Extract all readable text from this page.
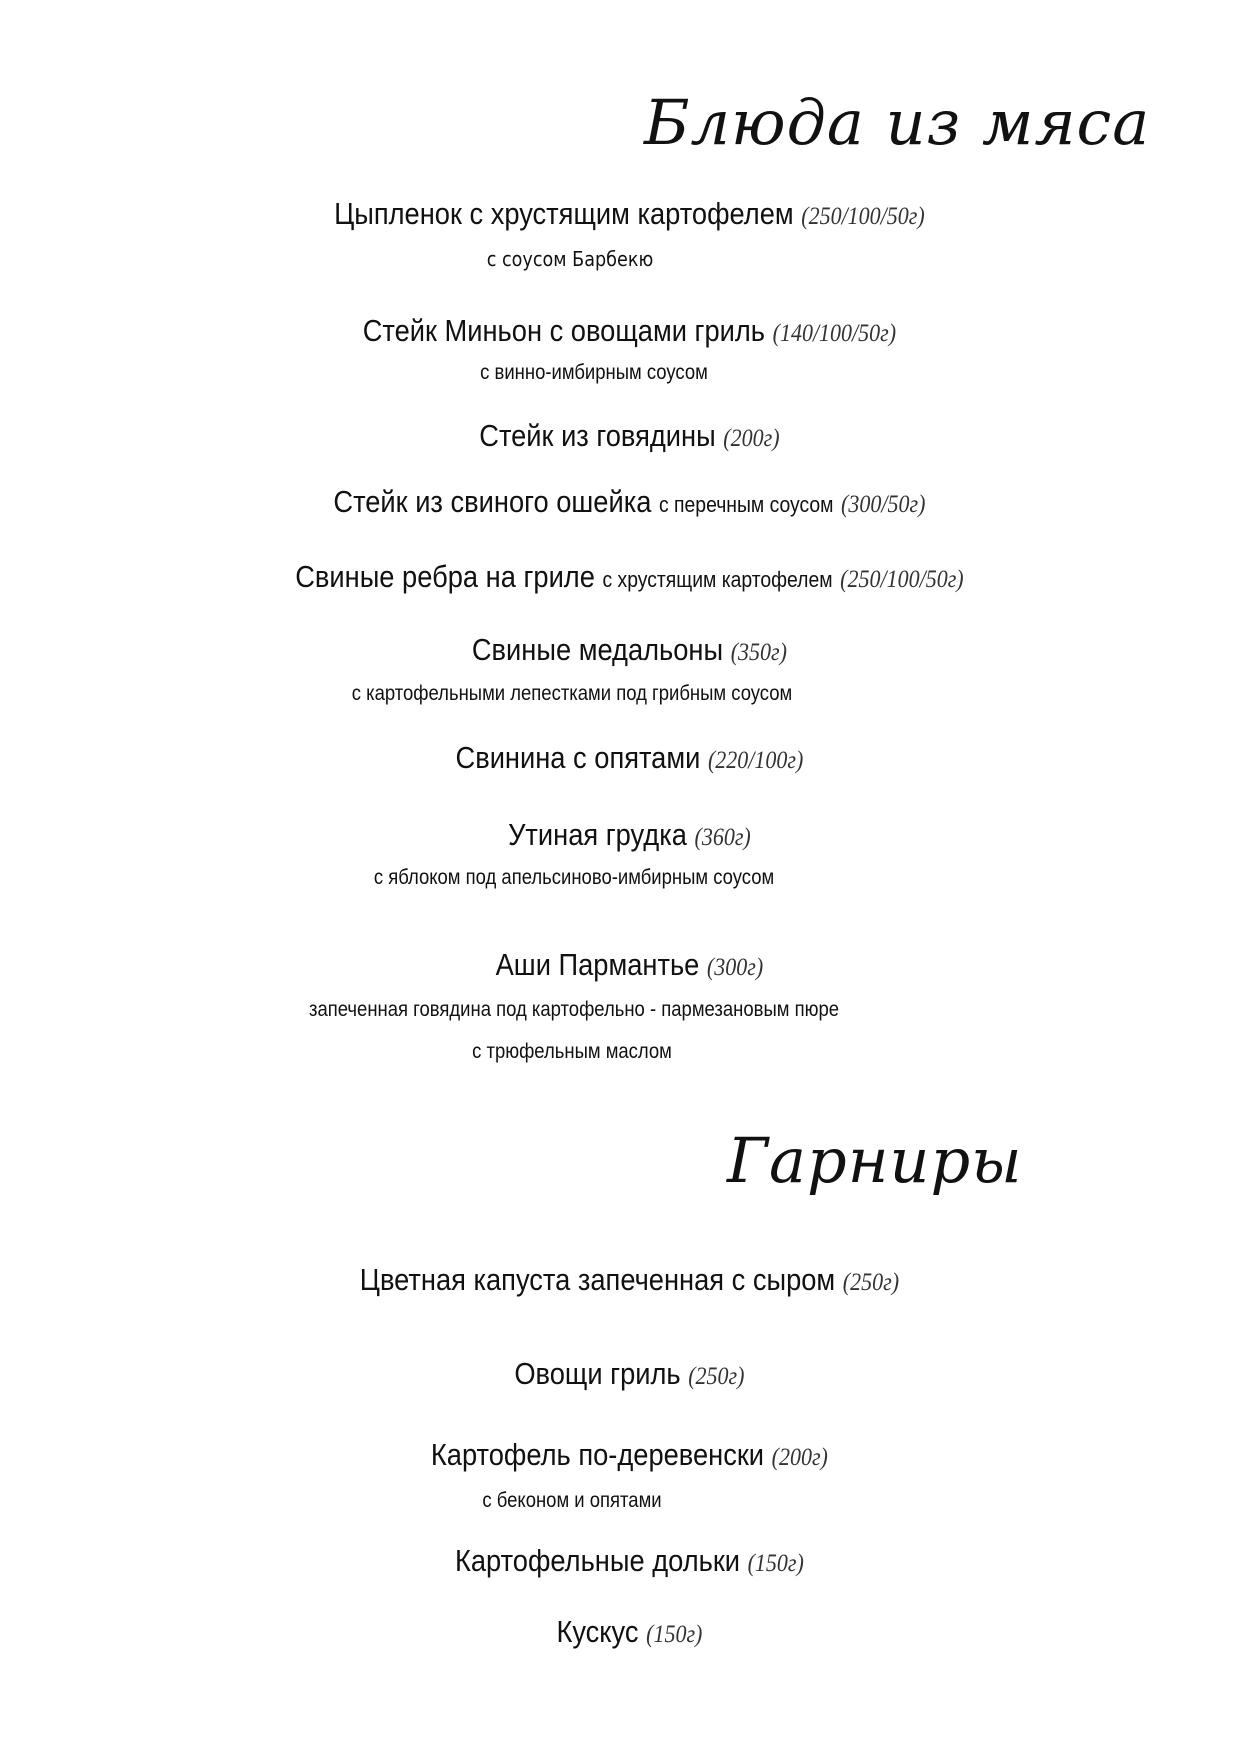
Блюда из мяса
Цыпленок с хрустящим картофелем (250/100/50г)
с соусом Барбекю
Стейк Миньон с овощами гриль (140/100/50г)
с винно-имбирным соусом
Стейк из говядины (200г)
Стейк из свиного ошейка с перечным соусом (300/50г)
Свиные ребра на гриле с хрустящим картофелем (250/100/50г)
Свиные медальоны (350г)
с картофельными лепестками под грибным соусом
Свинина с опятами (220/100г)
Утиная грудка (360г)
с яблоком под апельсиново-имбирным соусом
Аши Пармантье (300г)
запеченная говядина под картофельно - пармезановым пюре
с трюфельным маслом
Гарниры
Цветная капуста запеченная с сыром (250г)
Овощи гриль (250г)
Картофель по-деревенски (200г)
с беконом и опятами
Картофельные дольки (150г)
Кускус (150г)
